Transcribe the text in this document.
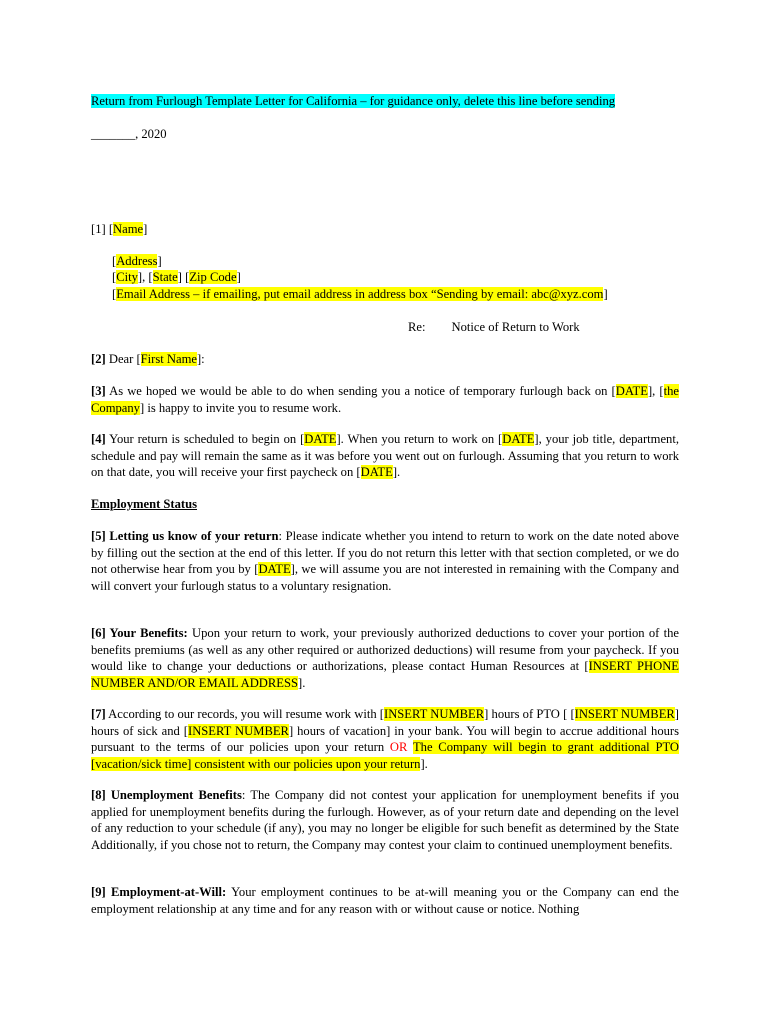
Return from Furlough Template Letter for California – for guidance only, delete this line before sending

_______, 2020

[1] [Name]

[Address]

[City], [State] [Zip Code]

[Email Address – if emailing, put email address in address box “Sending by email: abc@xyz.com]

Re: Notice of Return to Work

[2] Dear [First Name]:

[3] As we hoped we would be able to do when sending you a notice of temporary furlough back on [DATE], [the Company] is happy to invite you to resume work.

[4] Your return is scheduled to begin on [DATE]. When you return to work on [DATE], your job title, department, schedule and pay will remain the same as it was before you went out on furlough. Assuming that you return to work on that date, you will receive your first paycheck on [DATE].

Employment Status

[5] Letting us know of your return: Please indicate whether you intend to return to work on the date noted above by filling out the section at the end of this letter. If you do not return this letter with that section completed, or we do not otherwise hear from you by [DATE], we will assume you are not interested in remaining with the Company and will convert your furlough status to a voluntary resignation.

[6] Your Benefits: Upon your return to work, your previously authorized deductions to cover your portion of the benefits premiums (as well as any other required or authorized deductions) will resume from your paycheck. If you would like to change your deductions or authorizations, please contact Human Resources at [INSERT PHONE NUMBER AND/OR EMAIL ADDRESS].

[7] According to our records, you will resume work with [INSERT NUMBER] hours of PTO [ [INSERT NUMBER] hours of sick and [INSERT NUMBER] hours of vacation] in your bank. You will begin to accrue additional hours pursuant to the terms of our policies upon your return OR The Company will begin to grant additional PTO [vacation/sick time] consistent with our policies upon your return].

[8] Unemployment Benefits: The Company did not contest your application for unemployment benefits if you applied for unemployment benefits during the furlough. However, as of your return date and depending on the level of any reduction to your schedule (if any), you may no longer be eligible for such benefit as determined by the State Additionally, if you chose not to return, the Company may contest your claim to continued unemployment benefits.

[9] Employment-at-Will: Your employment continues to be at-will meaning you or the Company can end the employment relationship at any time and for any reason with or without cause or notice. Nothing
